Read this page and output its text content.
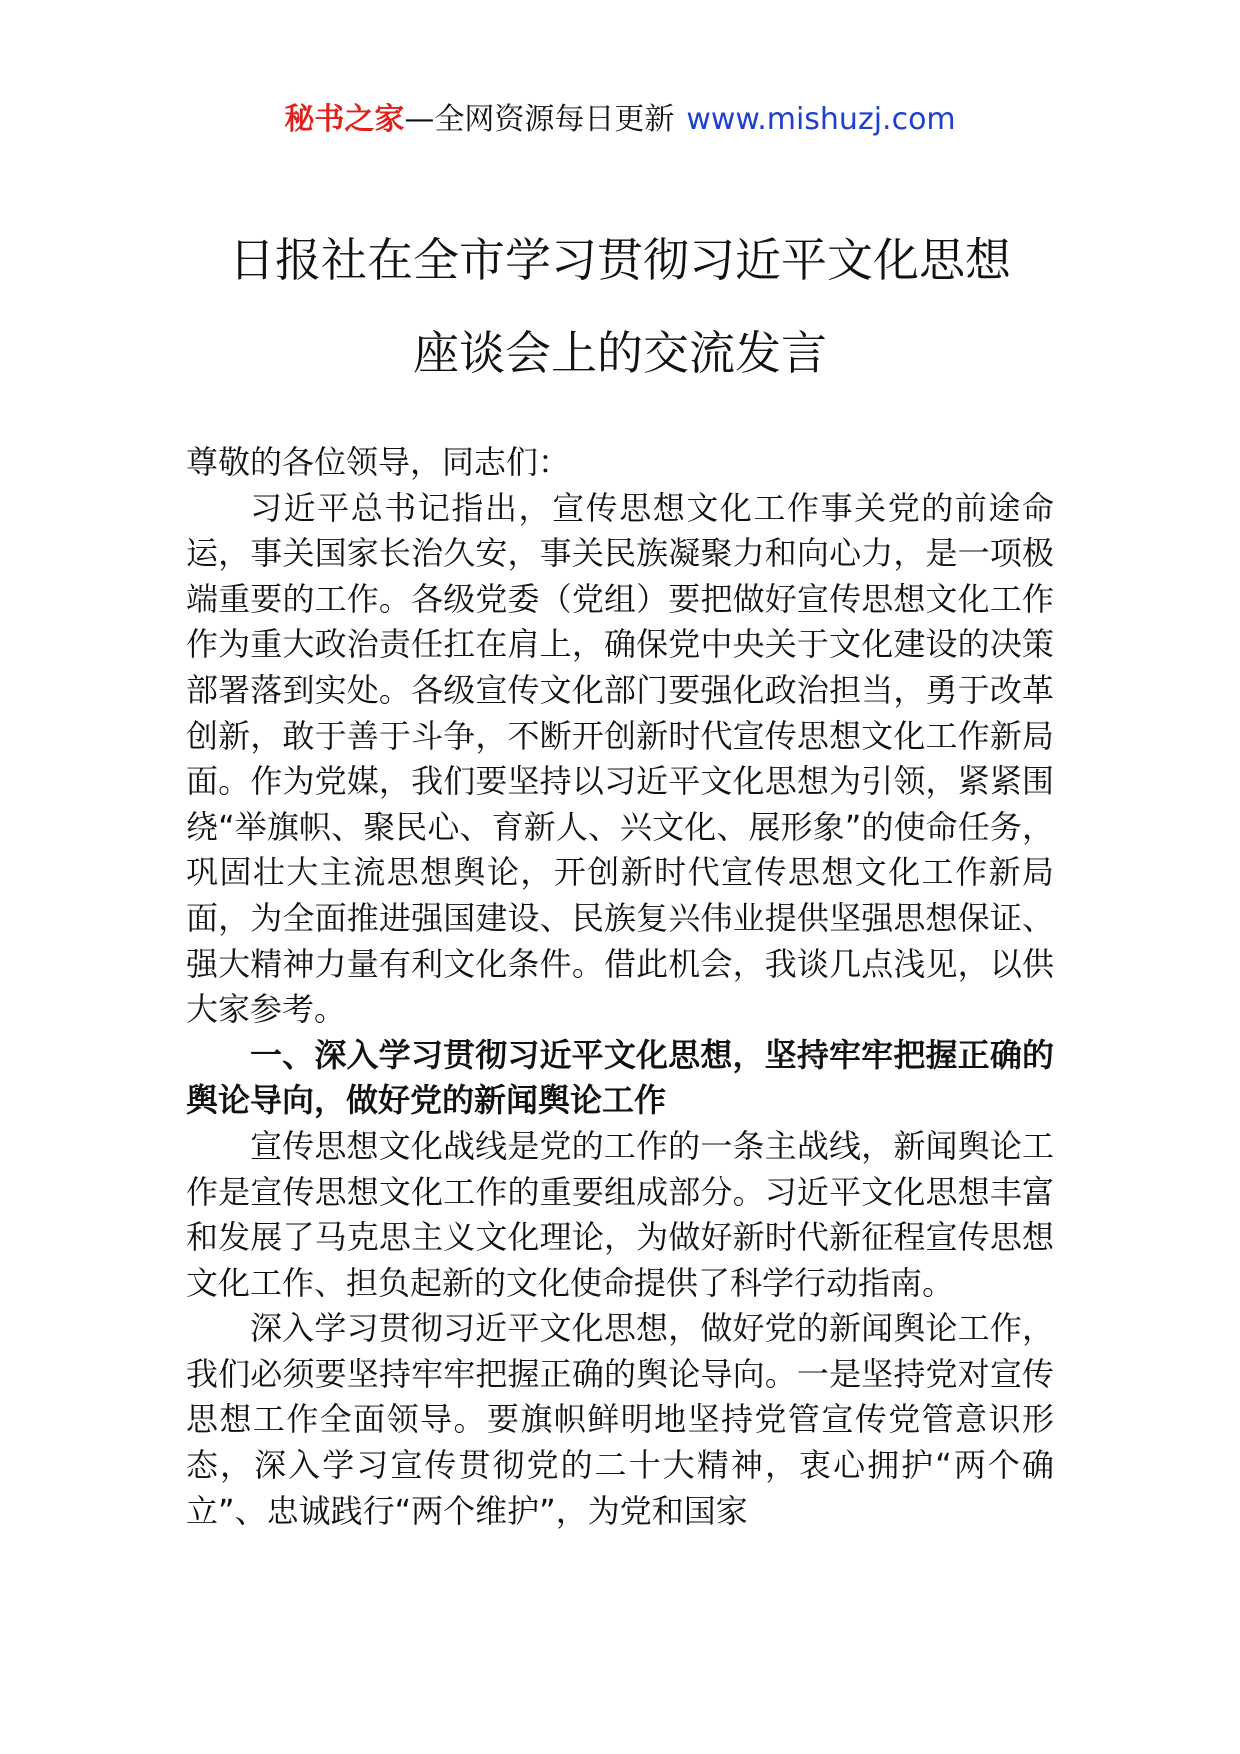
秘书之家—全网资源每日更新 www.mishuzj.com
日报社在全市学习贯彻习近平文化思想
座谈会上的交流发言

尊敬的各位领导，同志们：

习近平总书记指出，宣传思想文化工作事关党的前途命运，事关国家长治久安，事关民族凝聚力和向心力，是一项极端重要的工作。各级党委（党组）要把做好宣传思想文化工作作为重大政治责任扛在肩上，确保党中央关于文化建设的决策部署落到实处。各级宣传文化部门要强化政治担当，勇于改革创新，敢于善于斗争，不断开创新时代宣传思想文化工作新局面。作为党媒，我们要坚持以习近平文化思想为引领，紧紧围绕“举旗帜、聚民心、育新人、兴文化、展形象”的使命任务，巩固壮大主流思想舆论，开创新时代宣传思想文化工作新局面，为全面推进强国建设、民族复兴伟业提供坚强思想保证、强大精神力量有利文化条件。借此机会，我谈几点浅见，以供大家参考。

一、深入学习贯彻习近平文化思想，坚持牢牢把握正确的舆论导向，做好党的新闻舆论工作

宣传思想文化战线是党的工作的一条主战线，新闻舆论工作是宣传思想文化工作的重要组成部分。习近平文化思想丰富和发展了马克思主义文化理论，为做好新时代新征程宣传思想文化工作、担负起新的文化使命提供了科学行动指南。

深入学习贯彻习近平文化思想，做好党的新闻舆论工作，我们必须要坚持牢牢把握正确的舆论导向。一是坚持党对宣传思想工作全面领导。要旗帜鲜明地坚持党管宣传党管意识形态，深入学习宣传贯彻党的二十大精神，衷心拥护“两个确立”、忠诚践行“两个维护”，为党和国家
